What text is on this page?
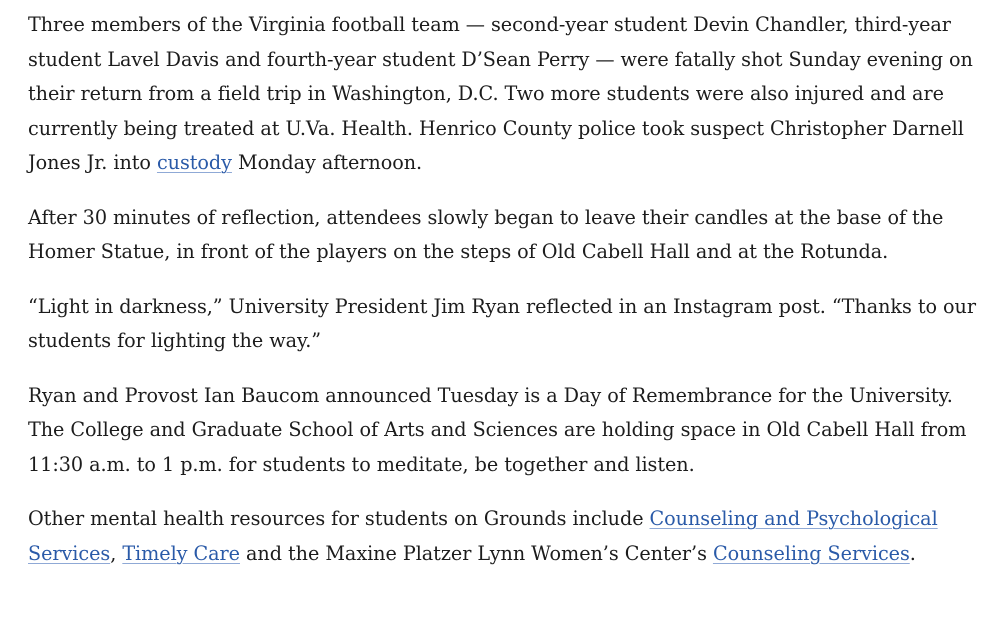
Three members of the Virginia football team — second-year student Devin Chandler, third-year student Lavel Davis and fourth-year student D’Sean Perry — were fatally shot Sunday evening on their return from a field trip in Washington, D.C. Two more students were also injured and are currently being treated at U.Va. Health. Henrico County police took suspect Christopher Darnell Jones Jr. into custody Monday afternoon.

After 30 minutes of reflection, attendees slowly began to leave their candles at the base of the Homer Statue, in front of the players on the steps of Old Cabell Hall and at the Rotunda.

“Light in darkness,” University President Jim Ryan reflected in an Instagram post. “Thanks to our students for lighting the way.”

Ryan and Provost Ian Baucom announced Tuesday is a Day of Remembrance for the University. The College and Graduate School of Arts and Sciences are holding space in Old Cabell Hall from 11:30 a.m. to 1 p.m. for students to meditate, be together and listen.

Other mental health resources for students on Grounds include Counseling and Psychological Services, Timely Care and the Maxine Platzer Lynn Women’s Center’s Counseling Services.
